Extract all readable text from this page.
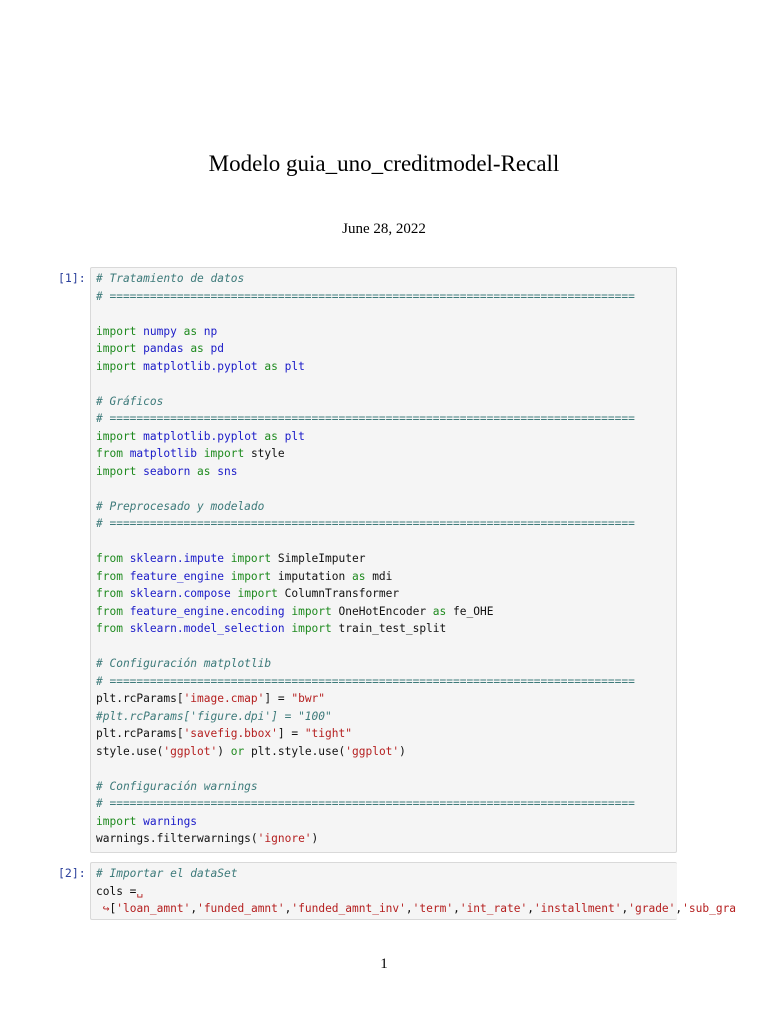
Modelo guia_uno_creditmodel-Recall
June 28, 2022
[1]: # Tratamiento de datos
# ==============================================================================

import numpy as np
import pandas as pd
import matplotlib.pyplot as plt

# Gráficos
# ==============================================================================
import matplotlib.pyplot as plt
from matplotlib import style
import seaborn as sns

# Preprocesado y modelado
# ==============================================================================

from sklearn.impute import SimpleImputer
from feature_engine import imputation as mdi
from sklearn.compose import ColumnTransformer
from feature_engine.encoding import OneHotEncoder as fe_OHE
from sklearn.model_selection import train_test_split

# Configuración matplotlib
# ==============================================================================
plt.rcParams['image.cmap'] = "bwr"
#plt.rcParams['figure.dpi'] = "100"
plt.rcParams['savefig.bbox'] = "tight"
style.use('ggplot') or plt.style.use('ggplot')

# Configuración warnings
# ==============================================================================
import warnings
warnings.filterwarnings('ignore')
[2]: # Importar el dataSet
cols =␣
↪['loan_amnt','funded_amnt','funded_amnt_inv','term','int_rate','installment','grade','sub_gra
1
